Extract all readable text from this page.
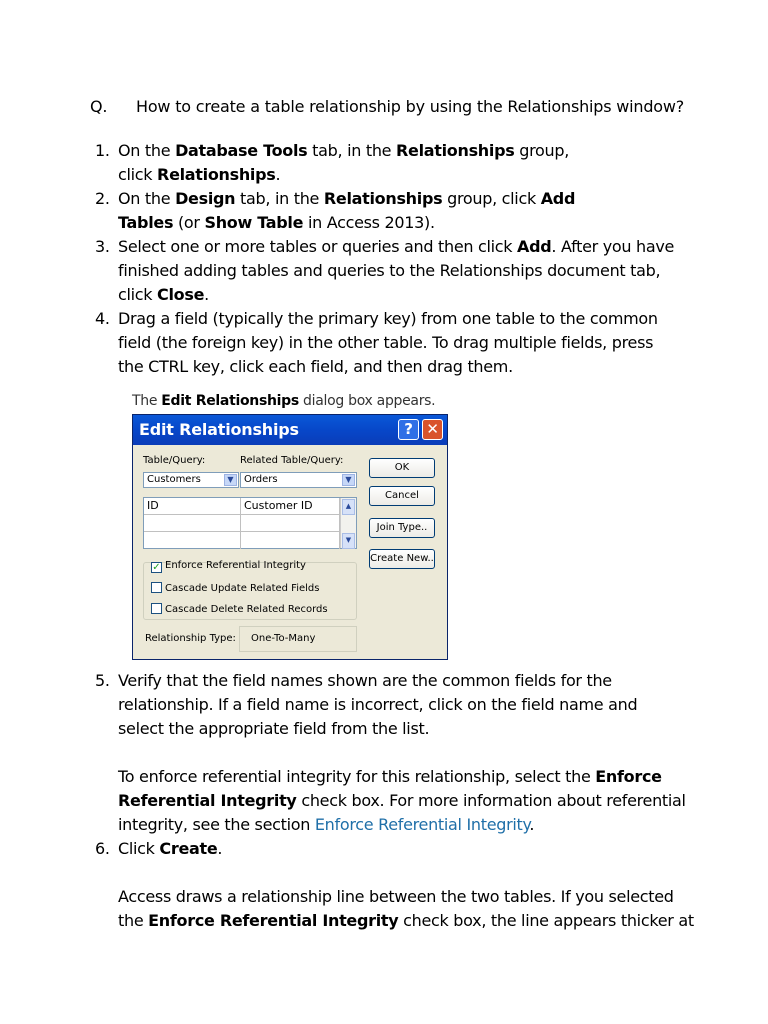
Q. How to create a table relationship by using the Relationships window?
1. On the Database Tools tab, in the Relationships group,
click Relationships.
2. On the Design tab, in the Relationships group, click Add
Tables (or Show Table in Access 2013).
3. Select one or more tables or queries and then click Add. After you have
finished adding tables and queries to the Relationships document tab,
click Close.
4. Drag a field (typically the primary key) from one table to the common
field (the foreign key) in the other table. To drag multiple fields, press
the CTRL key, click each field, and then drag them.
The Edit Relationships dialog box appears.
Edit Relationships	? ✕
Table/Query:	Related Table/Query:
Customers	▼	Orders	▼
ID	Customer ID	▲
▼
OK
Cancel
Join Type..
Create New..
✓ Enforce Referential Integrity
Cascade Update Related Fields
Cascade Delete Related Records
Relationship Type: One-To-Many
5. Verify that the field names shown are the common fields for the
relationship. If a field name is incorrect, click on the field name and
select the appropriate field from the list.
To enforce referential integrity for this relationship, select the Enforce
Referential Integrity check box. For more information about referential
integrity, see the section Enforce Referential Integrity.
6. Click Create.
Access draws a relationship line between the two tables. If you selected
the Enforce Referential Integrity check box, the line appears thicker at
